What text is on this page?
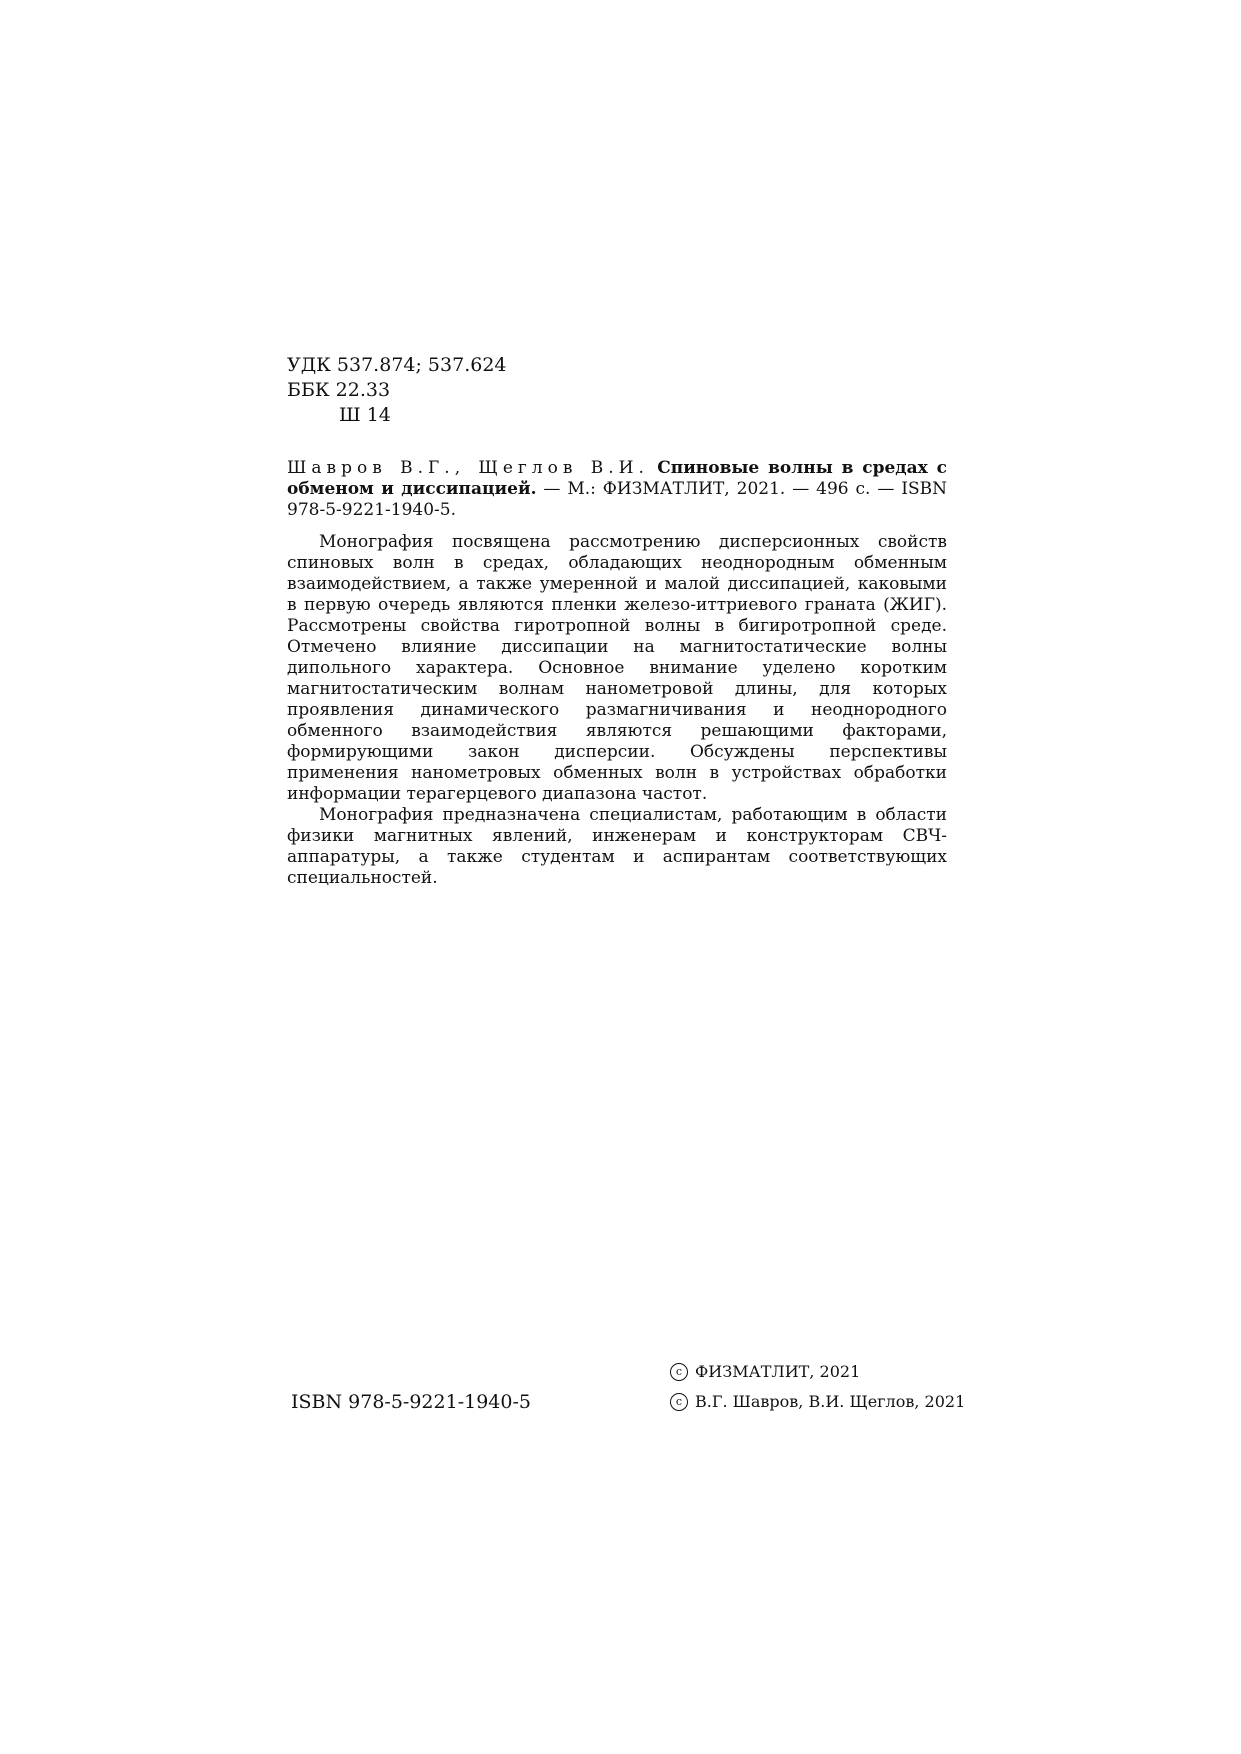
УДК 537.874; 537.624
ББК 22.33
Ш 14
Шавров В.Г., Щеглов В.И. Спиновые волны в средах с обменом и диссипацией. — М.: ФИЗМАТЛИТ, 2021. — 496 с. — ISBN 978-5-9221-1940-5.

Монография посвящена рассмотрению дисперсионных свойств спиновых волн в средах, обладающих неоднородным обменным взаимодействием, а также умеренной и малой диссипацией, каковыми в первую очередь являются пленки железо-иттриевого граната (ЖИГ). Рассмотрены свойства гиротропной волны в бигиротропной среде. Отмечено влияние диссипации на магнитостатические волны дипольного характера. Основное внимание уделено коротким магнитостатическим волнам нанометровой длины, для которых проявления динамического размагничивания и неоднородного обменного взаимодействия являются решающими факторами, формирующими закон дисперсии. Обсуждены перспективы применения нанометровых обменных волн в устройствах обработки информации терагерцевого диапазона частот.

Монография предназначена специалистам, работающим в области физики магнитных явлений, инженерам и конструкторам СВЧ-аппаратуры, а также студентам и аспирантам соответствующих специальностей.

ISBN 978-5-9221-1940-5
c ФИЗМАТЛИТ, 2021
c В.Г. Шавров, В.И. Щеглов, 2021
